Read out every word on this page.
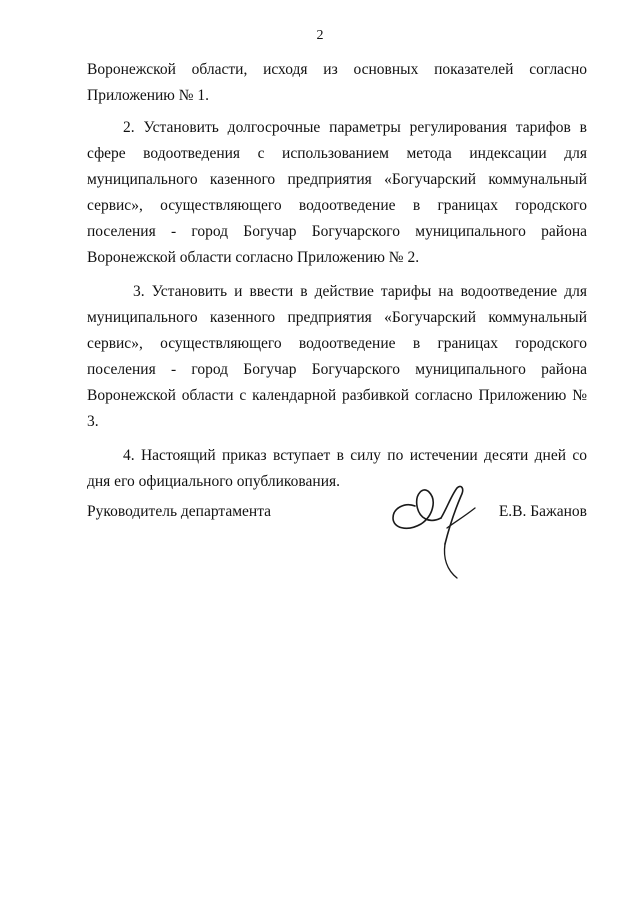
2

Воронежской области, исходя из основных показателей согласно Приложению № 1.

2. Установить долгосрочные параметры регулирования тарифов в сфере водоотведения с использованием метода индексации для муниципального казенного предприятия «Богучарский коммунальный сервис», осуществляющего водоотведение в границах городского поселения - город Богучар Богучарского муниципального района Воронежской области согласно Приложению № 2.

3. Установить и ввести в действие тарифы на водоотведение для муниципального казенного предприятия «Богучарский коммунальный сервис», осуществляющего водоотведение в границах городского поселения - город Богучар Богучарского муниципального района Воронежской области с календарной разбивкой согласно Приложению № 3.

4. Настоящий приказ вступает в силу по истечении десяти дней со дня его официального опубликования.

Руководитель департамента	Е.В. Бажанов
